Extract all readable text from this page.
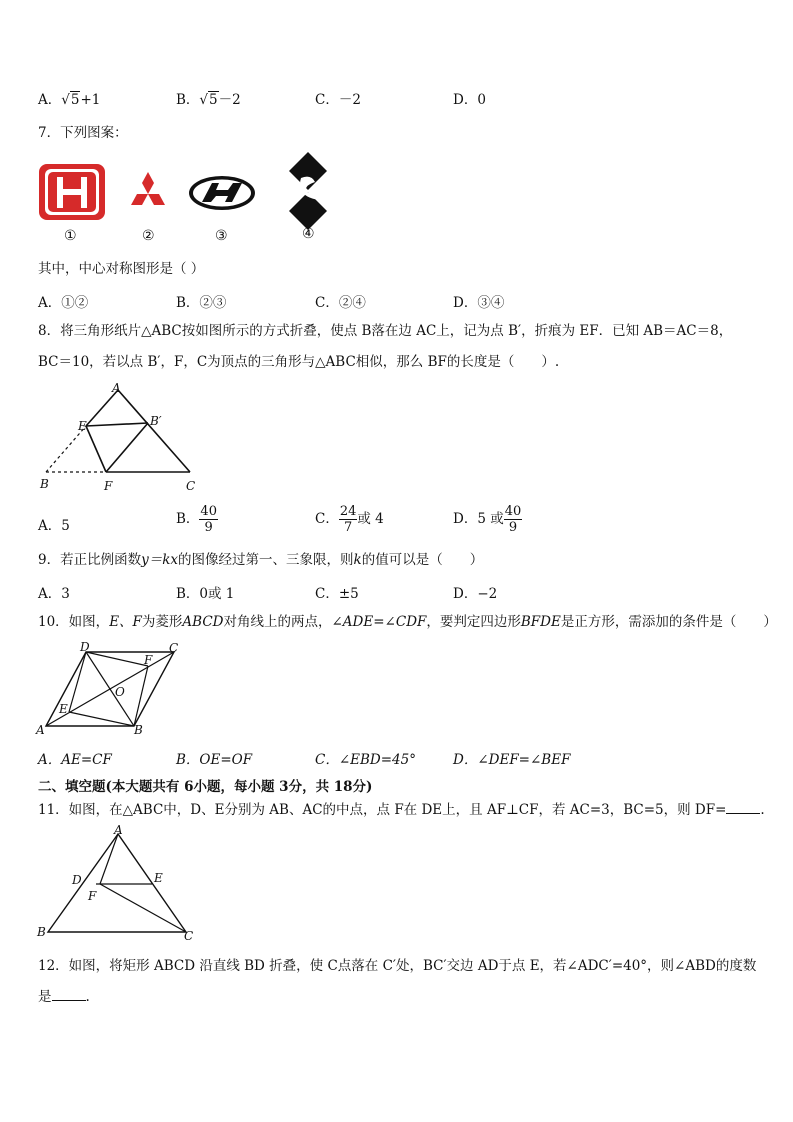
A．√5+1	B．√5－2	C．－2	D．0
7．下列图案：
①	②	③	④
其中，中心对称图形是（ ）
A．①②	B．②③	C．②④	D．③④
8．将三角形纸片△ABC按如图所示的方式折叠，使点 B落在边 AC上，记为点 B′，折痕为 EF．已知 AB＝AC＝8，
BC＝10，若以点 B′，F，C为顶点的三角形与△ABC相似，那么 BF的长度是（　　）.
A
E	B′
B	F	C
A．5	B． $\frac{40}{9}$	C． $\frac{24}{7}$ 或 4	D．5 或 $\frac{40}{9}$
9．若正比例函数y＝kx的图像经过第一、三象限，则k的值可以是（　　）
A．3	B．0或 1	C．±5	D．−2
10．如图，E、F为菱形ABCD对角线上的两点，∠ADE=∠CDF，要判定四边形BFDE是正方形，需添加的条件是（　　）
D	C
F
O
E
A	B
A．AE=CF	B．OE=OF	C．∠EBD=45°	D．∠DEF=∠BEF
二、填空题(本大题共有 6小题，每小题 3分，共 18分)
11．如图，在△ABC中，D、E分别为 AB、AC的中点，点 F在 DE上，且 AF⊥CF，若 AC=3，BC=5，则 DF=	.
A
D
F
E
B	C
12．如图，将矩形 ABCD 沿直线 BD 折叠，使 C点落在 C′处，BC′交边 AD于点 E，若∠ADC′=40°，则∠ABD的度数
是	.
